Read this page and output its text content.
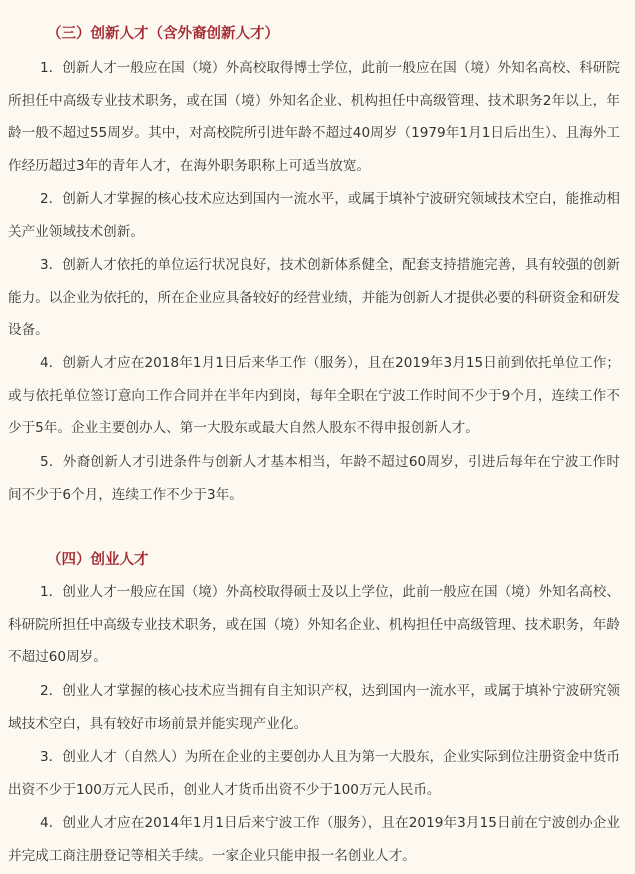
（三）创新人才（含外裔创新人才）

1．创新人才一般应在国（境）外高校取得博士学位，此前一般应在国（境）外知名高校、科研院所担任中高级专业技术职务，或在国（境）外知名企业、机构担任中高级管理、技术职务2年以上，年龄一般不超过55周岁。其中，对高校院所引进年龄不超过40周岁（1979年1月1日后出生）、且海外工作经历超过3年的青年人才，在海外职务职称上可适当放宽。

2．创新人才掌握的核心技术应达到国内一流水平，或属于填补宁波研究领域技术空白，能推动相关产业领域技术创新。

3．创新人才依托的单位运行状况良好，技术创新体系健全，配套支持措施完善，具有较强的创新能力。以企业为依托的，所在企业应具备较好的经营业绩，并能为创新人才提供必要的科研资金和研发设备。

4．创新人才应在2018年1月1日后来华工作（服务），且在2019年3月15日前到依托单位工作；或与依托单位签订意向工作合同并在半年内到岗，每年全职在宁波工作时间不少于9个月，连续工作不少于5年。企业主要创办人、第一大股东或最大自然人股东不得申报创新人才。

5．外裔创新人才引进条件与创新人才基本相当，年龄不超过60周岁，引进后每年在宁波工作时间不少于6个月，连续工作不少于3年。

（四）创业人才

1．创业人才一般应在国（境）外高校取得硕士及以上学位，此前一般应在国（境）外知名高校、科研院所担任中高级专业技术职务，或在国（境）外知名企业、机构担任中高级管理、技术职务，年龄不超过60周岁。

2．创业人才掌握的核心技术应当拥有自主知识产权，达到国内一流水平，或属于填补宁波研究领域技术空白，具有较好市场前景并能实现产业化。

3．创业人才（自然人）为所在企业的主要创办人且为第一大股东，企业实际到位注册资金中货币出资不少于100万元人民币，创业人才货币出资不少于100万元人民币。

4．创业人才应在2014年1月1日后来宁波工作（服务），且在2019年3月15日前在宁波创办企业并完成工商注册登记等相关手续。一家企业只能申报一名创业人才。
